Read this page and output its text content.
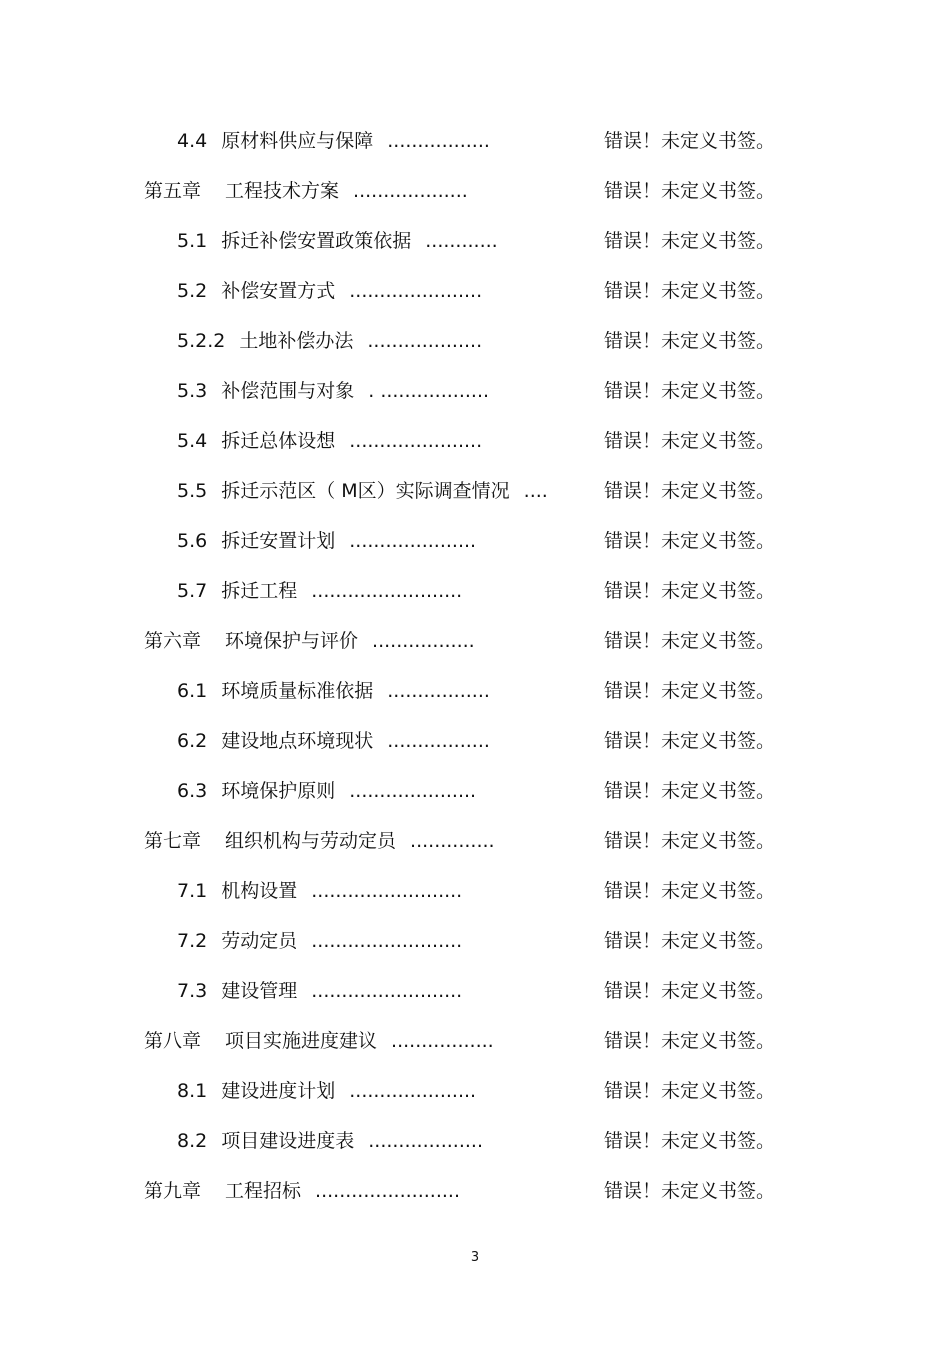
4.4 原材料供应与保障 .................	错误！未定义书签。
第五章 工程技术方案 ...................	错误！未定义书签。
5.1 拆迁补偿安置政策依据 ............	错误！未定义书签。
5.2 补偿安置方式 ......................	错误！未定义书签。
5.2.2 土地补偿办法 ...................	错误！未定义书签。
5.3 补偿范围与对象 . ..................	错误！未定义书签。
5.4 拆迁总体设想 ......................	错误！未定义书签。
5.5 拆迁示范区（ M区）实际调查情况 ....	错误！未定义书签。
5.6 拆迁安置计划 .....................	错误！未定义书签。
5.7 拆迁工程 .........................	错误！未定义书签。
第六章 环境保护与评价 .................	错误！未定义书签。
6.1 环境质量标准依据 .................	错误！未定义书签。
6.2 建设地点环境现状 .................	错误！未定义书签。
6.3 环境保护原则 .....................	错误！未定义书签。
第七章 组织机构与劳动定员 ..............	错误！未定义书签。
7.1 机构设置 .........................	错误！未定义书签。
7.2 劳动定员 .........................	错误！未定义书签。
7.3 建设管理 .........................	错误！未定义书签。
第八章 项目实施进度建议 .................	错误！未定义书签。
8.1 建设进度计划 .....................	错误！未定义书签。
8.2 项目建设进度表 ...................	错误！未定义书签。
第九章 工程招标 ........................	错误！未定义书签。
3
